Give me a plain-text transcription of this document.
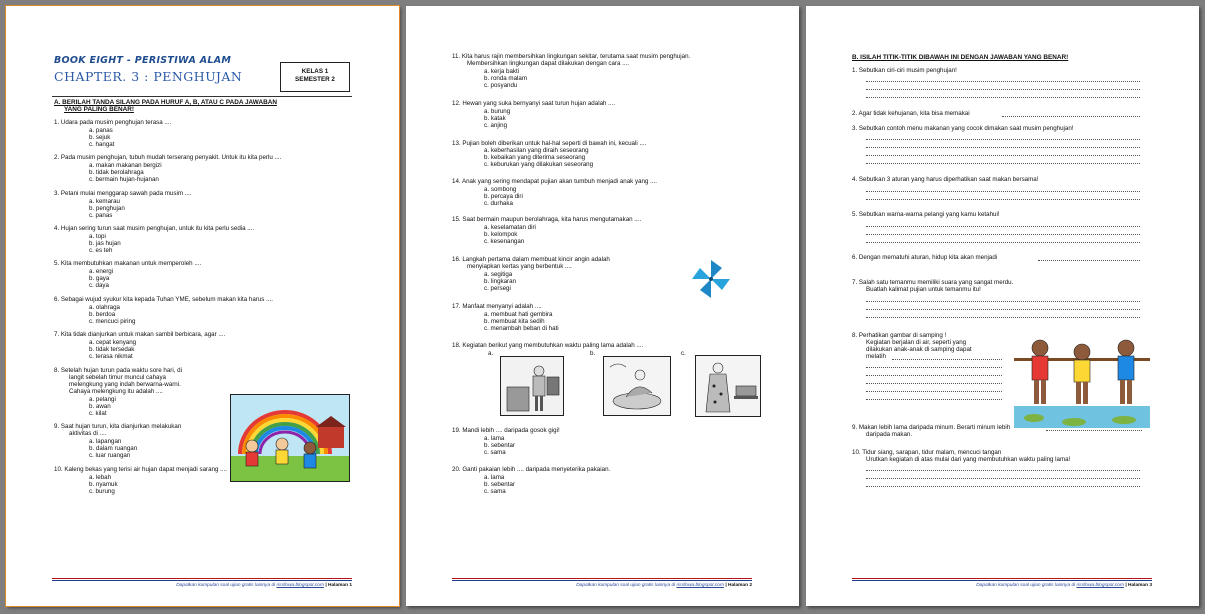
BOOK EIGHT - PERISTIWA ALAM
CHAPTER. 3 : PENGHUJAN	KELAS 1
SEMESTER 2
A. BERILAH TANDA SILANG PADA HURUF A, B, ATAU C PADA JAWABAN
YANG PALING BENAR!
1. Udara pada musim penghujan terasa ....
a. panas
b. sejuk
c. hangat
2. Pada musim penghujan, tubuh mudah terserang penyakit. Untuk itu kita perlu ....
a. makan makanan bergizi
b. tidak berolahraga
c. bermain hujan-hujanan
3. Petani mulai menggarap sawah pada musim ....
a. kemarau
b. penghujan
c. panas
4. Hujan sering turun saat musim penghujan, untuk itu kita perlu sedia ....
a. topi
b. jas hujan
c. es teh
5. Kita membutuhkan makanan untuk memperoleh ....
a. energi
b. gaya
c. daya
6. Sebagai wujud syukur kita kepada Tuhan YME, sebelum makan kita harus ....
a. olahraga
b. berdoa
c. mencuci piring
7. Kita tidak dianjurkan untuk makan sambil berbicara, agar ....
a. cepat kenyang
b. tidak tersedak
c. terasa nikmat
8. Setelah hujan turun pada waktu sore hari, di
langit sebelah timur muncul cahaya
melengkung yang indah berwarna-warni.
Cahaya melengkung itu adalah ....
a. pelangi
b. awan
c. kilat
9. Saat hujan turun, kita dianjurkan melakukan
aktivitas di ....
a. lapangan
b. dalam ruangan
c. luar ruangan
10. Kaleng bekas yang terisi air hujan dapat menjadi sarang ....
a. lebah
b. nyamuk
c. burung
Dapatkan kumpulan soal ujian gratis lainnya di rissfowa.blogspot.com | Halaman 1
11. Kita harus rajin membersihkan lingkungan sekitar, terutama saat musim penghujan.
Membersihkan lingkungan dapat dilakukan dengan cara ....
a. kerja bakti
b. ronda malam
c. posyandu
12. Hewan yang suka bernyanyi saat turun hujan adalah ....
a. burung
b. katak
c. anjing
13. Pujian boleh diberikan untuk hal-hal seperti di bawah ini, kecuali ....
a. keberhasilan yang diraih seseorang
b. kebaikan yang diterima seseorang
c. keburukan yang dilakukan seseorang
14. Anak yang sering mendapat pujian akan tumbuh menjadi anak yang ....
a. sombong
b. percaya diri
c. durhaka
15. Saat bermain maupun berolahraga, kita harus mengutamakan ....
a. keselamatan diri
b. kelompok
c. kesenangan
16. Langkah pertama dalam membuat kincir angin adalah
menyiapkan kertas yang berbentuk ....
a. segitiga
b. lingkaran
c. persegi
17. Manfaat menyanyi adalah ....
a. membuat hati gembira
b. membuat kita sedih
c. menambah beban di hati
18. Kegiatan berikut yang membutuhkan waktu paling lama adalah ....
a.	b.	c.
19. Mandi lebih .... daripada gosok gigi!
a. lama
b. sebentar
c. sama
20. Ganti pakaian lebih .... daripada menyeterika pakaian.
a. lama
b. sebentar
c. sama
Dapatkan kumpulan soal ujian gratis lainnya di rissfowa.blogspot.com | Halaman 2
B. ISILAH TITIK-TITIK DIBAWAH INI DENGAN JAWABAN YANG BENAR!
1. Sebutkan ciri-ciri musim penghujan!
2. Agar tidak kehujanan, kita bisa memakai
3. Sebutkan contoh menu makanan yang cocok dimakan saat musim penghujan!
4. Sebutkan 3 aturan yang harus diperhatikan saat makan bersama!
5. Sebutkan warna-warna pelangi yang kamu ketahui!
6. Dengan mematuhi aturan, hidup kita akan menjadi
7. Salah satu temanmu memiliki suara yang sangat merdu.
Buatlah kalimat pujian untuk temanmu itu!
8. Perhatikan gambar di samping !
Kegiatan berjalan di air, seperti yang
dilakukan anak-anak di samping dapat
melatih
9. Makan lebih lama daripada minum. Berarti minum lebih
daripada makan.
10. Tidur siang, sarapan, tidur malam, mencuci tangan
Urutkan kegiatan di atas mulai dari yang membutuhkan waktu paling lama!
Dapatkan kumpulan soal ujian gratis lainnya di rissfowa.blogspot.com | Halaman 3
